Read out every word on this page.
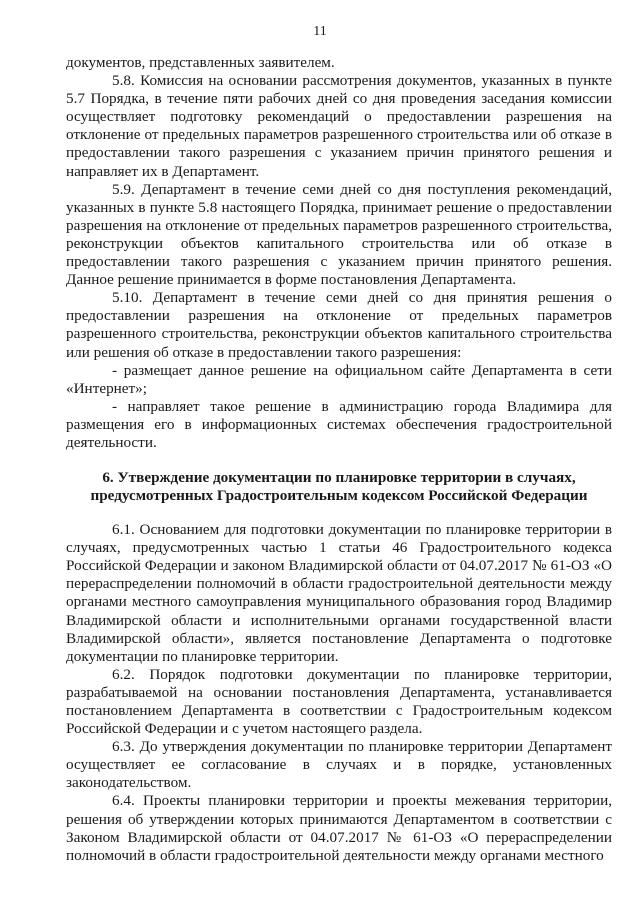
11

документов, представленных заявителем.

5.8. Комиссия на основании рассмотрения документов, указанных в пункте 5.7 Порядка, в течение пяти рабочих дней со дня проведения заседания комиссии осуществляет подготовку рекомендаций о предоставлении разрешения на отклонение от предельных параметров разрешенного строительства или об отказе в предоставлении такого разрешения с указанием причин принятого решения и направляет их в Департамент.

5.9. Департамент в течение семи дней со дня поступления рекомендаций, указанных в пункте 5.8 настоящего Порядка, принимает решение о предоставлении разрешения на отклонение от предельных параметров разрешенного строительства, реконструкции объектов капитального строительства или об отказе в предоставлении такого разрешения с указанием причин принятого решения. Данное решение принимается в форме постановления Департамента.

5.10. Департамент в течение семи дней со дня принятия решения о предоставлении разрешения на отклонение от предельных параметров разрешенного строительства, реконструкции объектов капитального строительства или решения об отказе в предоставлении такого разрешения:

- размещает данное решение на официальном сайте Департамента в сети «Интернет»;

- направляет такое решение в администрацию города Владимира для размещения его в информационных системах обеспечения градостроительной деятельности.

6. Утверждение документации по планировке территории в случаях, предусмотренных Градостроительным кодексом Российской Федерации

6.1. Основанием для подготовки документации по планировке территории в случаях, предусмотренных частью 1 статьи 46 Градостроительного кодекса Российской Федерации и законом Владимирской области от 04.07.2017 № 61-ОЗ «О перераспределении полномочий в области градостроительной деятельности между органами местного самоуправления муниципального образования город Владимир Владимирской области и исполнительными органами государственной власти Владимирской области», является постановление Департамента о подготовке документации по планировке территории.

6.2. Порядок подготовки документации по планировке территории, разрабатываемой на основании постановления Департамента, устанавливается постановлением Департамента в соответствии с Градостроительным кодексом Российской Федерации и с учетом настоящего раздела.

6.3. До утверждения документации по планировке территории Департамент осуществляет ее согласование в случаях и в порядке, установленных законодательством.

6.4. Проекты планировки территории и проекты межевания территории, решения об утверждении которых принимаются Департаментом в соответствии с Законом Владимирской области от 04.07.2017 № 61-ОЗ «О перераспределении полномочий в области градостроительной деятельности между органами местного
